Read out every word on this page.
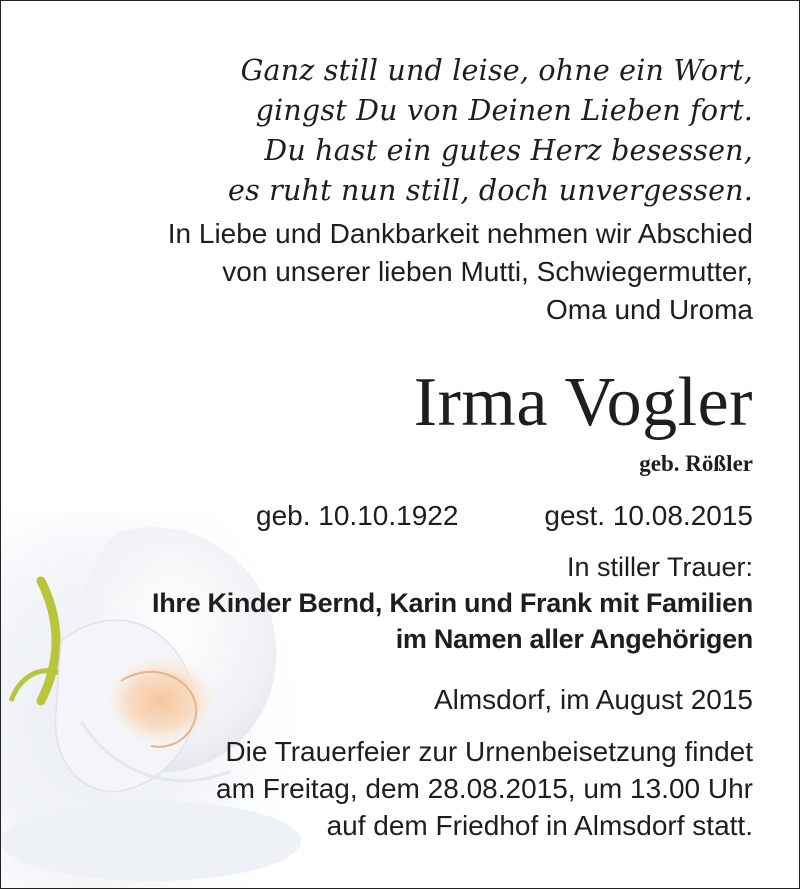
Ganz still und leise, ohne ein Wort,
gingst Du von Deinen Lieben fort.
Du hast ein gutes Herz besessen,
es ruht nun still, doch unvergessen.
In Liebe und Dankbarkeit nehmen wir Abschied
von unserer lieben Mutti, Schwiegermutter,
Oma und Uroma
Irma Vogler
geb. Rößler
geb. 10.10.1922	gest. 10.08.2015
In stiller Trauer:
Ihre Kinder Bernd, Karin und Frank mit Familien
im Namen aller Angehörigen
Almsdorf, im August 2015
Die Trauerfeier zur Urnenbeisetzung findet
am Freitag, dem 28.08.2015, um 13.00 Uhr
auf dem Friedhof in Almsdorf statt.
